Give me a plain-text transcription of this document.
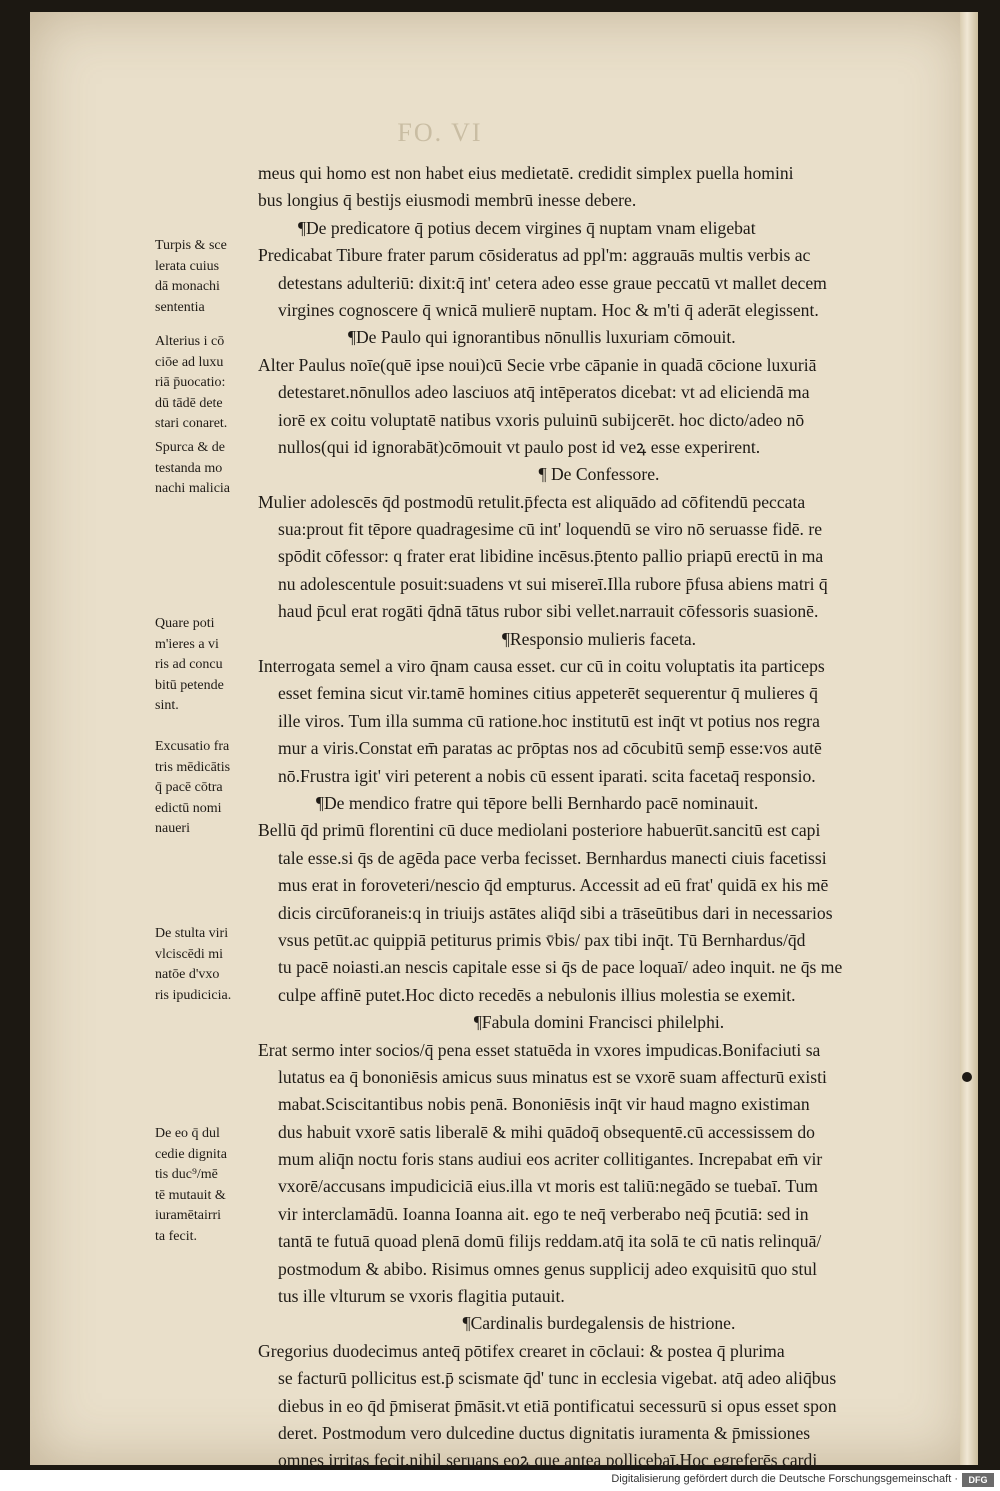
FO. VI
meus qui homo est non habet eius medietatē. credidit simplex puella homini
bus longius q̄ bestijs eiusmodi membrū inesse debere.
¶De predicatore q̄ potius decem virgines q̄ nuptam vnam eligebat
Predicabat Tibure frater parum cōsideratus ad ppl'm: aggrauās multis verbis ac
detestans adulteriū: dixit:q̄ int' cetera adeo esse graue peccatū vt mallet decem
virgines cognoscere q̄ wnicā mulierē nuptam. Hoc & m'ti q̄ aderāt elegissent.
¶De Paulo qui ignorantibus nōnullis luxuriam cōmouit.
Alter Paulus noīe(quē ipse noui)cū Secie vrbe cāpanie in quadā cōcione luxuriā
detestaret.nōnullos adeo lasciuos atq̄ intēperatos dicebat: vt ad eliciendā ma
iorē ex coitu voluptatē natibus vxoris puluinū subijcerēt. hoc dicto/adeo nō
nullos(qui id ignorabāt)cōmouit vt paulo post id veꝝ esse experirent.
¶ De Confessore.
Mulier adolescēs q̄d postmodū retulit.p̄fecta est aliquādo ad cōfitendū peccata
sua:prout fit tēpore quadragesime cū int' loquendū se viro nō seruasse fidē. re
spōdit cōfessor: q frater erat libidine incēsus.p̄tento pallio priapū erectū in ma
nu adolescentule posuit:suadens vt sui misereī.Illa rubore p̄fusa abiens matri q̄
haud p̄cul erat rogāti q̄dnā tātus rubor sibi vellet.narrauit cōfessoris suasionē.
¶Responsio mulieris faceta.
Interrogata semel a viro q̄nam causa esset. cur cū in coitu voluptatis ita particeps
esset femina sicut vir.tamē homines citius appeterēt sequerentur q̄ mulieres q̄
ille viros. Tum illa summa cū ratione.hoc institutū est inq̄t vt potius nos regra
mur a viris.Constat em̄ paratas ac prōptas nos ad cōcubitū semp̄ esse:vos autē
nō.Frustra igit' viri peterent a nobis cū essent iparati. scita facetaq̄ responsio.
¶De mendico fratre qui tēpore belli Bernhardo pacē nominauit.
Bellū q̄d primū florentini cū duce mediolani posteriore habuerūt.sancitū est capi
tale esse.si q̄s de agēda pace verba fecisset. Bernhardus manecti ciuis facetissi
mus erat in foroveteri/nescio q̄d empturus. Accessit ad eū frat' quidā ex his mē
dicis circūforaneis:q in triuijs astātes aliq̄d sibi a trāseūtibus dari in necessarios
vsus petūt.ac quippiā petiturus primis v̄bis/ pax tibi inq̄t. Tū Bernhardus/q̄d
tu pacē noiasti.an nescis capitale esse si q̄s de pace loquaī/ adeo inquit. ne q̄s me
culpe affinē putet.Hoc dicto recedēs a nebulonis illius molestia se exemit.
¶Fabula domini Francisci philelphi.
Erat sermo inter socios/q̄ pena esset statuēda in vxores impudicas.Bonifaciuti sa
lutatus ea q̄ bononiēsis amicus suus minatus est se vxorē suam affecturū existi
mabat.Sciscitantibus nobis penā. Bononiēsis inq̄t vir haud magno existiman
dus habuit vxorē satis liberalē & mihi quādoq̄ obsequentē.cū accessissem do
mum aliq̄n noctu foris stans audiui eos acriter collitigantes. Increpabat em̄ vir
vxorē/accusans impudiciciā eius.illa vt moris est taliū:negādo se tuebaī. Tum
vir interclamādū. Ioanna Ioanna ait. ego te neq̄ verberabo neq̄ p̄cutiā: sed in
tantā te futuā quoad plenā domū filijs reddam.atq̄ ita solā te cū natis relinquā/
postmodum & abibo. Risimus omnes genus supplicij adeo exquisitū quo stul
tus ille vlturum se vxoris flagitia putauit.
¶Cardinalis burdegalensis de histrione.
Gregorius duodecimus anteq̄ pōtifex crearet in cōclaui: & postea q̄ plurima
se facturū pollicitus est.p̄ scismate q̄d' tunc in ecclesia vigebat. atq̄ adeo aliq̄bus
diebus in eo q̄d p̄miserat p̄māsit.vt etiā pontificatui secessurū si opus esset spon
deret. Postmodum vero dulcedine ductus dignitatis iuramenta & p̄missiones
omnes irritas fecit.nihil seruans eoꝝ que antea pollicebaī.Hoc egreferēs cardi
Turpis & sce
lerata cuius
dā monachi
sententia
Alterius i cō
ciōe ad luxu
riā p̄uocatio:
dū tādē dete
stari conaret.
Spurca & de
testanda mo
nachi malicia
Quare poti
m'ieres a vi
ris ad concu
bitū petende
sint.
Excusatio fra
tris mēdicātis
q̄ pacē cōtra
edictū nomi
naueri
De stulta viri
vlciscēdi mi
natōe d'vxo
ris ipudicicia.
De eo q̄ dul
cedie dignita
tis duc⁹/mē
tē mutauit &
iuramētairri
ta fecit.
Digitalisierung gefördert durch die Deutsche Forschungsgemeinschaft ·	DFG
